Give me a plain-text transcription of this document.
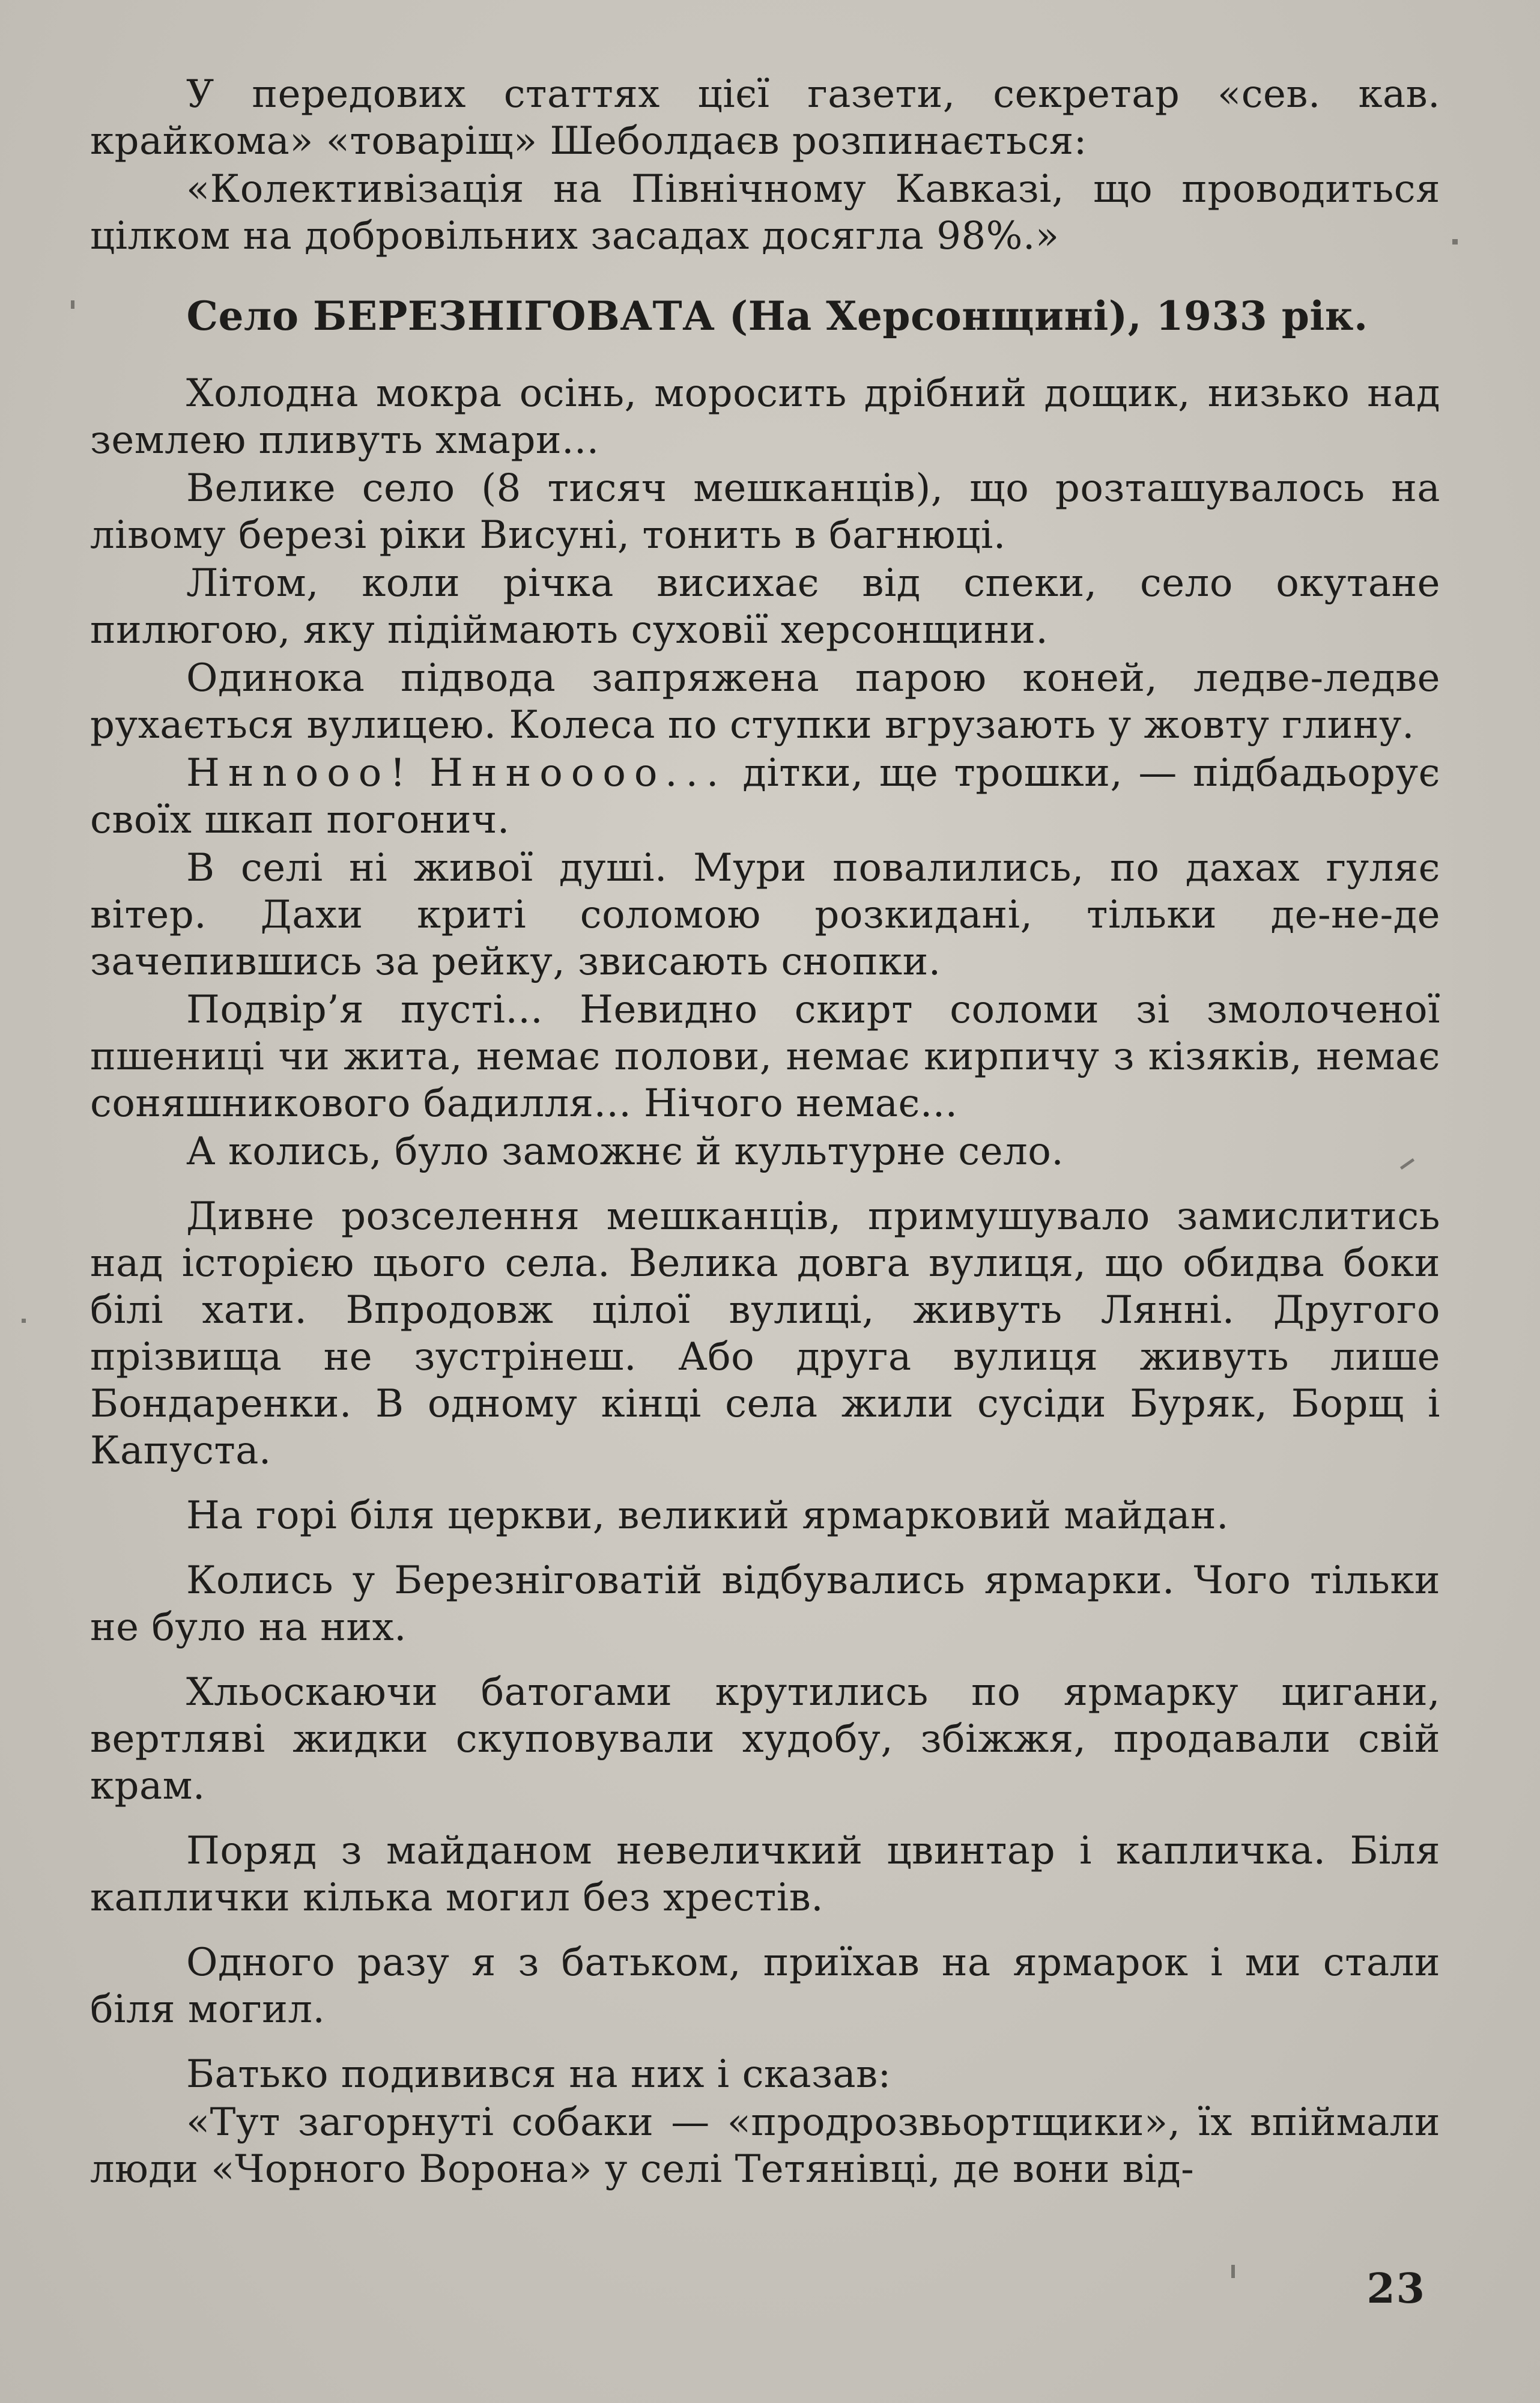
У передових статтях цієї газети, секретар «сев. кав. крайкома» «товаріщ» Шеболдаєв розпинається:

«Колективізація на Північному Кавказі, що проводиться цілком на добровільних засадах досягла 98%.»

Село БЕРЕЗНІГОВАТА (На Херсонщині), 1933 рік.

Холодна мокра осінь, моросить дрібний дощик, низько над землею пливуть хмари...

Велике село (8 тисяч мешканців), що розташувалось на лівому березі ріки Висуні, тонить в багнюці.

Літом, коли річка висихає від спеки, село окутане пилюгою, яку підіймають суховії херсонщини.

Одинока підвода запряжена парою коней, ледве-ледве рухається вулицею. Колеса по ступки вгрузають у жовту глину.

Ннnooo! Нннoooo... дітки, ще трошки, — підбадьорує своїх шкап погонич.

В селі ні живої душі. Мури повалились, по дахах гуляє вітер. Дахи криті соломою розкидані, тільки де-не-де зачепившись за рейку, звисають снопки.

Подвір’я пусті... Невидно скирт соломи зі змолоченої пшениці чи жита, немає полови, немає кирпичу з кізяків, немає соняшникового бадилля... Нічого немає...

А колись, було заможнє й культурне село.

Дивне розселення мешканців, примушувало замислитись над історією цього села. Велика довга вулиця, що обидва боки білі хати. Впродовж цілої вулиці, живуть Лянні. Другого прізвища не зустрінеш. Або друга вулиця живуть лише Бондаренки. В одному кінці села жили сусіди Буряк, Борщ і Капуста.

На горі біля церкви, великий ярмарковий майдан.

Колись у Березніговатій відбувались ярмарки. Чого тільки не було на них.

Хльоскаючи батогами крутились по ярмарку цигани, вертляві жидки скуповували худобу, збіжжя, продавали свій крам.

Поряд з майданом невеличкий цвинтар і капличка. Біля каплички кілька могил без хрестів.

Одного разу я з батьком, приїхав на ярмарок і ми стали біля могил.

Батько подивився на них і сказав:

«Тут загорнуті собаки — «продрозвьортщики», їх впіймали люди «Чорного Ворона» у селі Тетянівці, де вони від-

23
